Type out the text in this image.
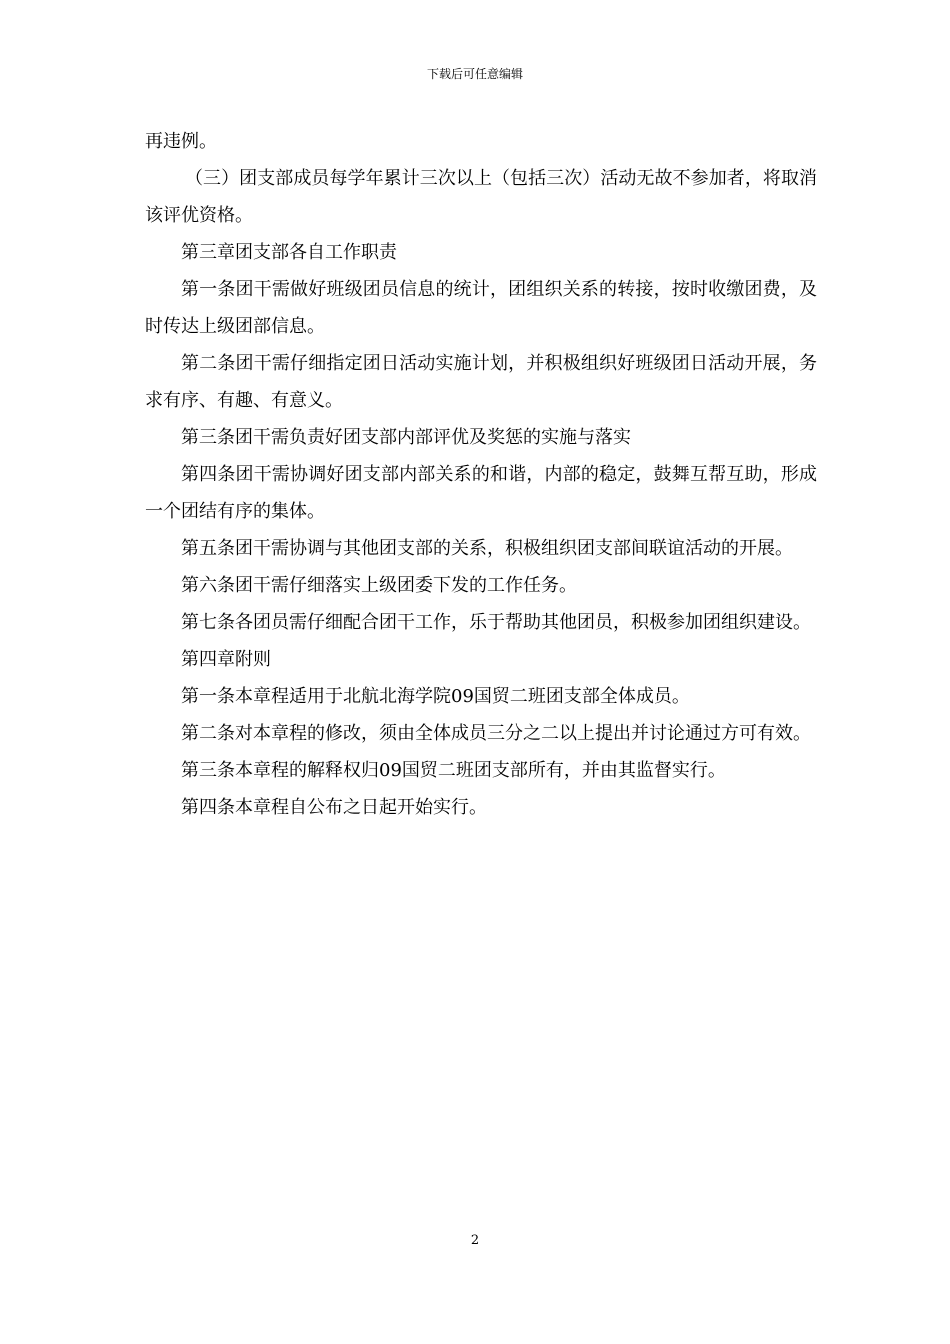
下载后可任意编辑

再违例。

（三）团支部成员每学年累计三次以上（包括三次）活动无故不参加者，将取消该评优资格。

第三章团支部各自工作职责

第一条团干需做好班级团员信息的统计，团组织关系的转接，按时收缴团费，及时传达上级团部信息。

第二条团干需仔细指定团日活动实施计划，并积极组织好班级团日活动开展，务求有序、有趣、有意义。

第三条团干需负责好团支部内部评优及奖惩的实施与落实

第四条团干需协调好团支部内部关系的和谐，内部的稳定，鼓舞互帮互助，形成一个团结有序的集体。

第五条团干需协调与其他团支部的关系，积极组织团支部间联谊活动的开展。

第六条团干需仔细落实上级团委下发的工作任务。

第七条各团员需仔细配合团干工作，乐于帮助其他团员，积极参加团组织建设。

第四章附则

第一条本章程适用于北航北海学院09国贸二班团支部全体成员。

第二条对本章程的修改，须由全体成员三分之二以上提出并讨论通过方可有效。

第三条本章程的解释权归09国贸二班团支部所有，并由其监督实行。

第四条本章程自公布之日起开始实行。

2
